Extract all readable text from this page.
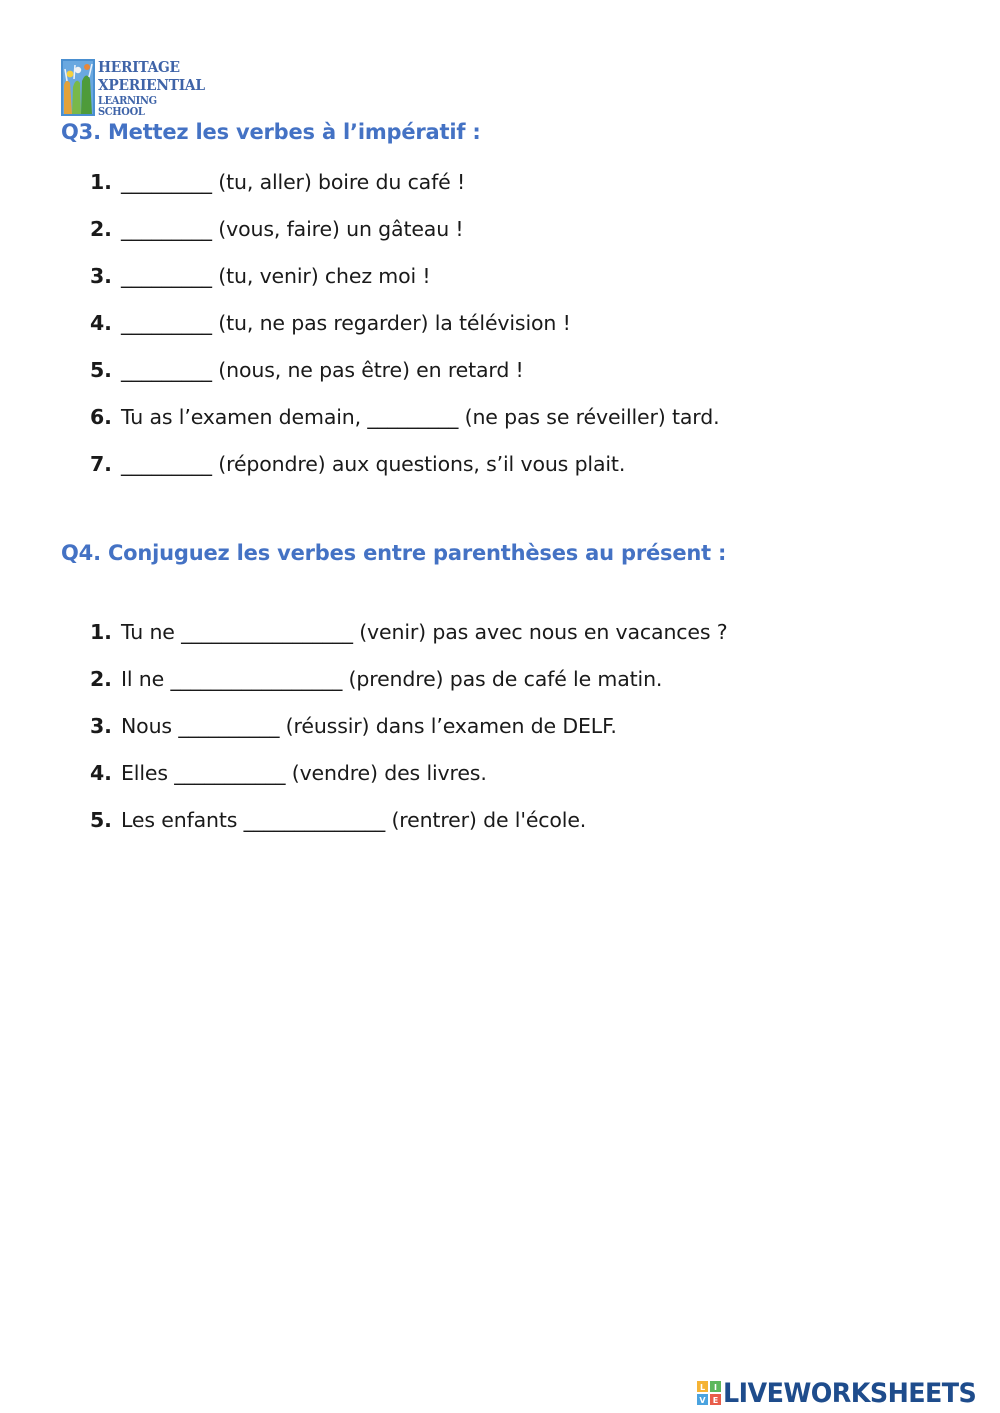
HERITAGE
XPERIENTIAL
LEARNING SCHOOL
Q3. Mettez les verbes à l’impératif :
1. _________ (tu, aller) boire du café !
2. _________ (vous, faire) un gâteau !
3. _________ (tu, venir) chez moi !
4. _________ (tu, ne pas regarder) la télévision !
5. _________ (nous, ne pas être) en retard !
6. Tu as l’examen demain, _________ (ne pas se réveiller) tard.
7. _________ (répondre) aux questions, s’il vous plait.
Q4. Conjuguez les verbes entre parenthèses au présent :
1. Tu ne _________________ (venir) pas avec nous en vacances ?
2. Il ne _________________ (prendre) pas de café le matin.
3. Nous __________ (réussir) dans l’examen de DELF.
4. Elles ___________ (vendre) des livres.
5. Les enfants ______________ (rentrer) de l'école.
L I
V E LIVEWORKSHEETS
